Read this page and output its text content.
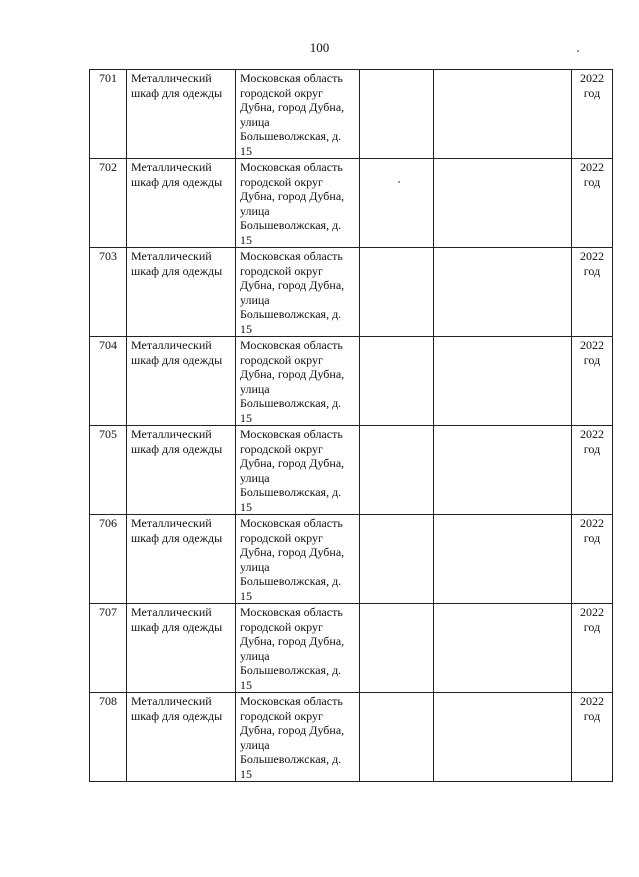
100
701	Металлический шкаф для одежды	Московская область городской округ Дубна, город Дубна, улица Большеволжская, д. 15			2022 год
702	Металлический шкаф для одежды	Московская область городской округ Дубна, город Дубна, улица Большеволжская, д. 15			2022 год
703	Металлический шкаф для одежды	Московская область городской округ Дубна, город Дубна, улица Большеволжская, д. 15			2022 год
704	Металлический шкаф для одежды	Московская область городской округ Дубна, город Дубна, улица Большеволжская, д. 15			2022 год
705	Металлический шкаф для одежды	Московская область городской округ Дубна, город Дубна, улица Большеволжская, д. 15			2022 год
706	Металлический шкаф для одежды	Московская область городской округ Дубна, город Дубна, улица Большеволжская, д. 15			2022 год
707	Металлический шкаф для одежды	Московская область городской округ Дубна, город Дубна, улица Большеволжская, д. 15			2022 год
708	Металлический шкаф для одежды	Московская область городской округ Дубна, город Дубна, улица Большеволжская, д. 15			2022 год
